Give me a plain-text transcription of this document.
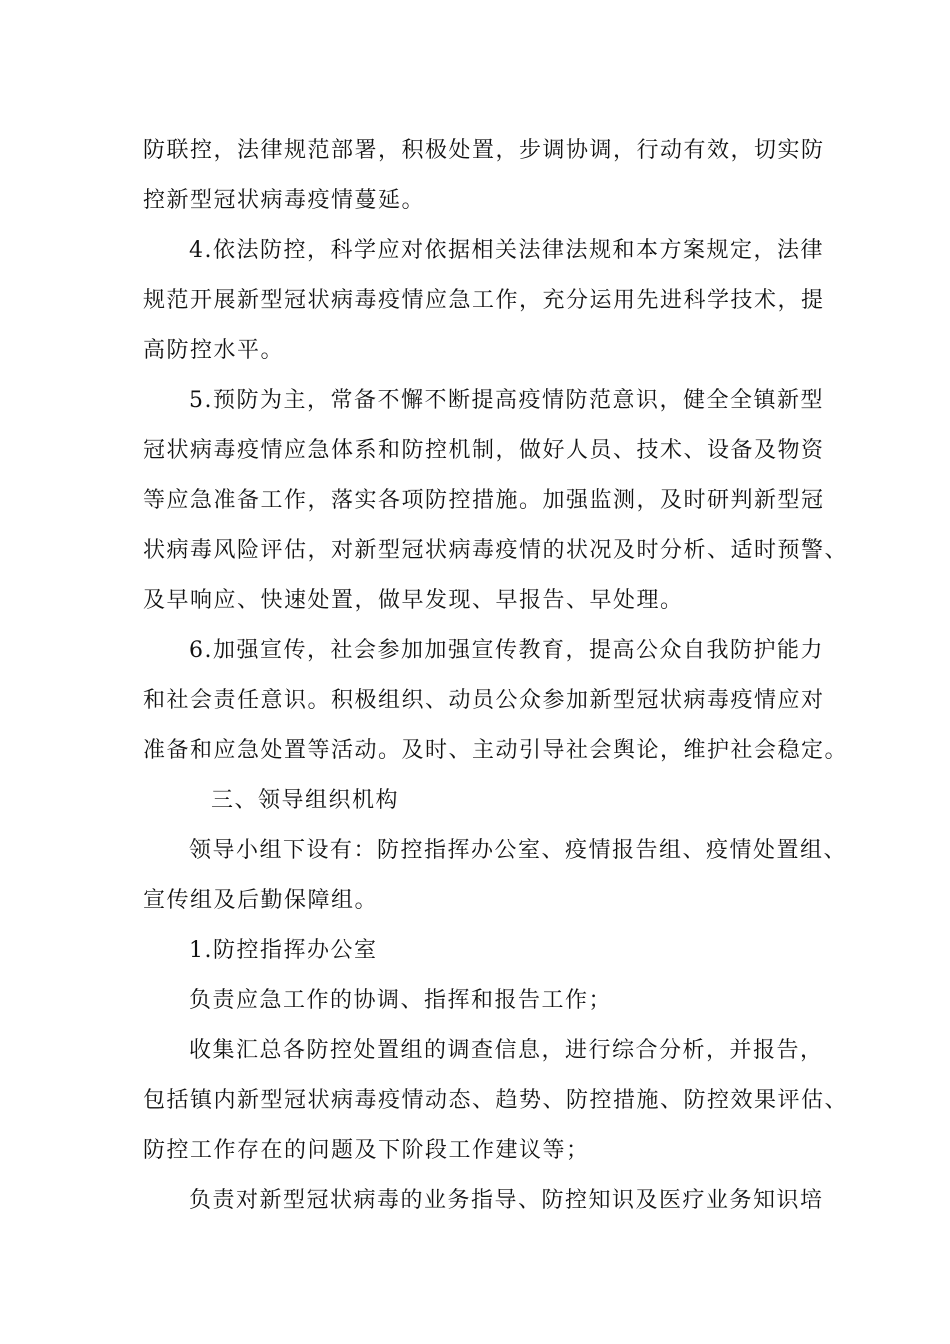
防联控，法律规范部署，积极处置，步调协调，行动有效，切实防
控新型冠状病毒疫情蔓延。
4.依法防控，科学应对依据相关法律法规和本方案规定，法律
规范开展新型冠状病毒疫情应急工作，充分运用先进科学技术，提
高防控水平。
5.预防为主，常备不懈不断提高疫情防范意识，健全全镇新型
冠状病毒疫情应急体系和防控机制，做好人员、技术、设备及物资
等应急准备工作，落实各项防控措施。加强监测，及时研判新型冠
状病毒风险评估，对新型冠状病毒疫情的状况及时分析、适时预警、
及早响应、快速处置，做早发现、早报告、早处理。
6.加强宣传，社会参加加强宣传教育，提高公众自我防护能力
和社会责任意识。积极组织、动员公众参加新型冠状病毒疫情应对
准备和应急处置等活动。及时、主动引导社会舆论，维护社会稳定。
三、领导组织机构
领导小组下设有：防控指挥办公室、疫情报告组、疫情处置组、
宣传组及后勤保障组。
1.防控指挥办公室
负责应急工作的协调、指挥和报告工作；
收集汇总各防控处置组的调查信息，进行综合分析，并报告，
包括镇内新型冠状病毒疫情动态、趋势、防控措施、防控效果评估、
防控工作存在的问题及下阶段工作建议等；
负责对新型冠状病毒的业务指导、防控知识及医疗业务知识培
